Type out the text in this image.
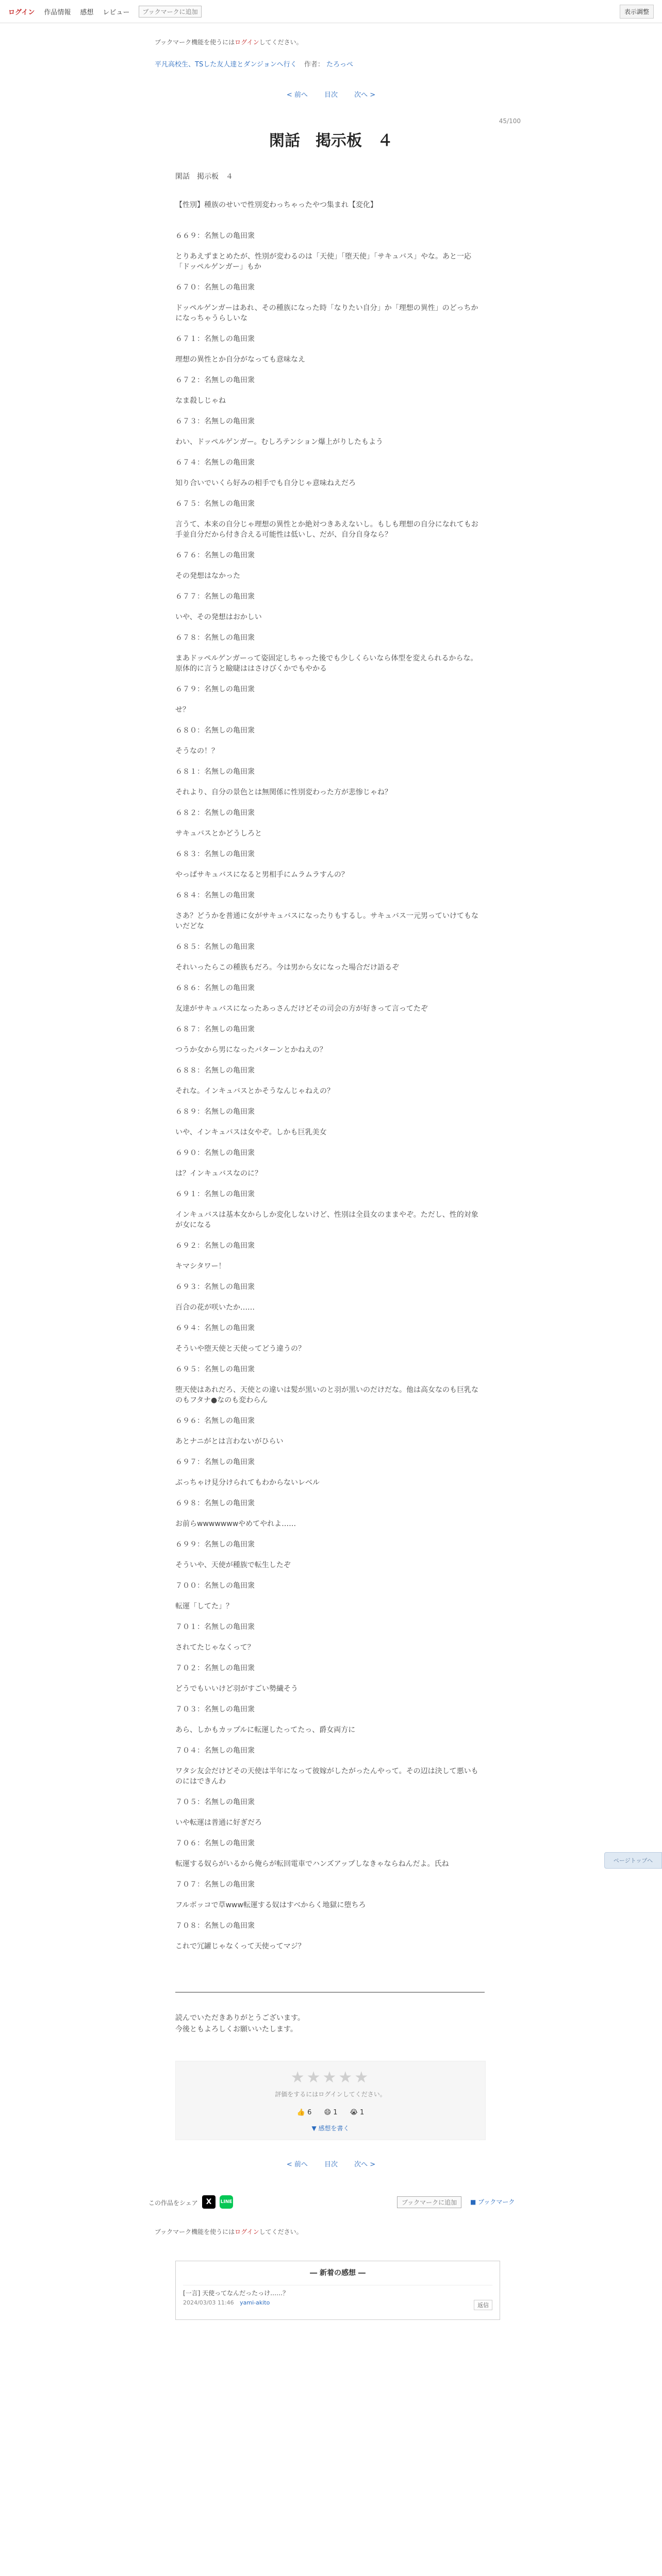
ログイン 作品情報 感想 レビュー	ブックマークに追加	表示調整
ブックマーク機能を使うにはログインしてください。
平凡高校生、TSした友人達とダンジョンへ行く 作者： たろっぺ
< 前へ 目次 次へ >
45/100
閑話　掲示板　４
閑話　掲示板　４
【性別】種族のせいで性別変わっちゃったやつ集まれ【変化】
６６９：名無しの亀田衆
とりあえずまとめたが、性別が変わるのは「天使」「堕天使」「サキュバス」やな。あと一応「ドッペルゲンガー」もか
６７０：名無しの亀田衆
ドッペルゲンガーはあれ、その種族になった時「なりたい自分」か「理想の異性」のどっちかになっちゃうらしいな
６７１：名無しの亀田衆
理想の異性とか自分がなっても意味なえ
６７２：名無しの亀田衆
なま殺しじゃね
６７３：名無しの亀田衆
わい、ドッペルゲンガー。むしろテンション爆上がりしたもよう
６７４：名無しの亀田衆
知り合いでいくら好みの相手でも自分じゃ意味ねえだろ
６７５：名無しの亀田衆
言うて、本来の自分じゃ理想の異性とか絶対つきあえないし。もしも理想の自分になれてもお手並自分だから付き合える可能性は低いし、だが、自分自身なら？
６７６：名無しの亀田衆
その発想はなかった
６７７：名無しの亀田衆
いや、その発想はおかしい
６７８：名無しの亀田衆
まあドッペルゲンガーって姿固定しちゃった後でも少しくらいなら体型を変えられるからな。原体的に言うと瞼睫ははさけびくかでもやかる
６７９：名無しの亀田衆
せ？
６８０：名無しの亀田衆
そうなの！？
６８１：名無しの亀田衆
それより、自分の景色とは無関係に性別変わった方が悲惨じゃね？
６８２：名無しの亀田衆
サキュバスとかどうしろと
６８３：名無しの亀田衆
やっぱサキュバスになると男相手にムラムラすんの？
６８４：名無しの亀田衆
さあ？どうかを普通に女がサキュバスになったりもするし。サキュバス一元男っていけてもないだどな
６８５：名無しの亀田衆
それいったらこの種族もだろ。今は男から女になった場合だけ語るぞ
６８６：名無しの亀田衆
友達がサキュバスになったあっさんだけどその司会の方が好きって言ってたぞ
６８７：名無しの亀田衆
つうか女から男になったパターンとかねえの？
６８８：名無しの亀田衆
それな。インキュバスとかそうなんじゃねえの？
６８９：名無しの亀田衆
いや、インキュバスは女やぞ。しかも巨乳美女
６９０：名無しの亀田衆
は？インキュバスなのに？
６９１：名無しの亀田衆
インキュバスは基本女からしか変化しないけど、性別は全員女のままやぞ。ただし、性的対象が女になる
６９２：名無しの亀田衆
キマシタワー！
６９３：名無しの亀田衆
百合の花が咲いたか……
６９４：名無しの亀田衆
そういや堕天使と天使ってどう違うの？
６９５：名無しの亀田衆
堕天使はあれだろ、天使との違いは髪が黒いのと羽が黒いのだけだな。他は高女なのも巨乳なのもフタナ●なのも変わらん
６９６：名無しの亀田衆
あとナニがとは言わないがひらい
６９７：名無しの亀田衆
ぶっちゃけ見分けられてもわからないレベル
６９８：名無しの亀田衆
お前らwwwwwwwやめてやれよ……
６９９：名無しの亀田衆
そういや、天使が種族で転生したぞ
７００：名無しの亀田衆
転運「してた」？
７０１：名無しの亀田衆
されてたじゃなくって？
７０２：名無しの亀田衆
どうでもいいけど羽がすごい勢繊そう
７０３：名無しの亀田衆
あら、しかもカップルに転運したってたっ、爵女両方に
７０４：名無しの亀田衆
ワタシ友会だけどその天使は半年になって彼嫁がしたがったんやって。その辺は決して悪いものにはできんわ
７０５：名無しの亀田衆
いや転運は普通に好ぎだろ
７０６：名無しの亀田衆
転運する奴らがいるから俺らが転回電車でハンズアップしなきゃならねんだよ。氏ね
７０７：名無しの亀田衆
フルボッコで草www転運する奴はすべからく地獄に堕ちろ
７０８：名無しの亀田衆
これで冗罐じゃなくって天使ってマジ？
ページトップへ
読んでいただきありがとうございます。
今後ともよろしくお願いいたします。
★★★★★
評価をするにはログインしてください。
👍 6 😄 1 😭 1
▼ 感想を書く
< 前へ 目次 次へ >
この作品をシェア	X	LINE	ブックマークに追加	■ ブックマーク
ブックマーク機能を使うにはログインしてください。
― 新着の感想 ―
[一言] 天使ってなんだったっけ……？
2024/03/03 11:46 yami-akito	返信
